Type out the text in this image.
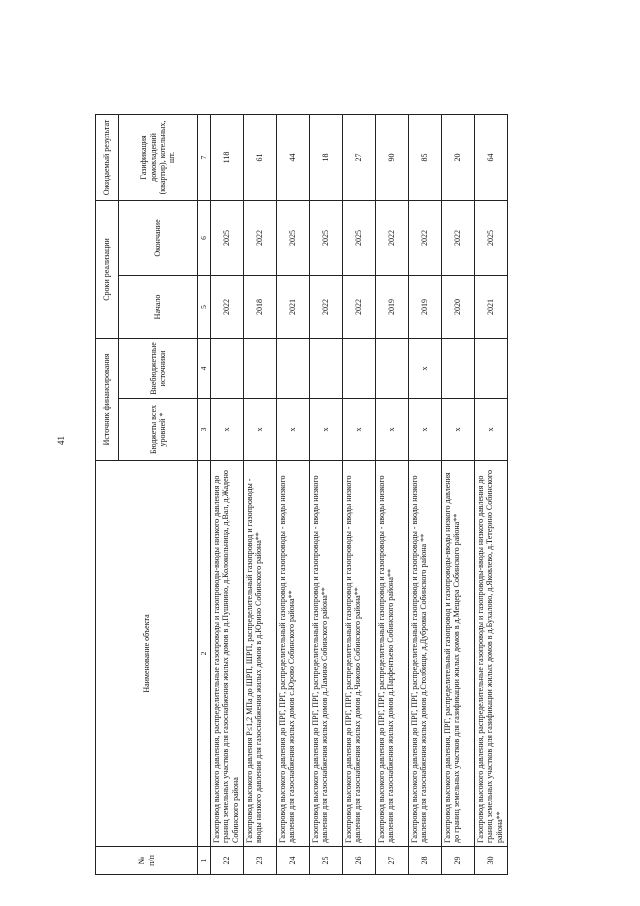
41
№
п/п	Наименование объекта	Источник финансирования		Сроки реализации		Ожидаемый результат
		Бюджеты всех уровней *	Внебюджетные источники	Начало	Окончание	Газификация домовладений (квартир), котельных, шт.
1	2	3	4	5	6	7
22	Газопровод высокого давления, распределительные газопроводы и газопроводы-вводы низкого давления до границ земельных участков для газоснабжения жилых домов в д.Пушнино, д.Колокольница, д.Вал, д.Жадено Собинского района	х		2022	2025	118
23	Газопровод высокого давления Р≤1,2 МПа до ШРП, ШРП, распределительный газопровод и газопроводы - вводы низкого давления для газоснабжения жилых домов в д.Юрино Собинского района**	х		2018	2022	61
24	Газопровод высокого давления до ПРГ, ПРГ, распределительный газопровод и газопроводы - вводы низкого давления для газоснабжения жилых домов с.Юрово Собинского района**	х		2021	2025	44
25	Газопровод высокого давления до ПРГ, ПРГ, распределительный газопровод и газопроводы - вводы низкого давления для газоснабжения жилых домов д.Ламино Собинского района**	х		2022	2025	18
26	Газопровод высокого давления до ПРГ, ПРГ, распределительный газопровод и газопроводы - вводы низкого давления для газоснабжения жилых домов д.Чижово Собинского района**	х		2022	2025	27
27	Газопровод высокого давления до ПРГ, ПРГ, распределительный газопровод и газопроводы - вводы низкого давления для газоснабжения жилых домов д.Парфентьево Собинского района**	х		2019	2022	90
28	Газопровод высокого давления до ПРГ, ПРГ, распределительный газопровод и газопроводы - вводы низкого давления для газоснабжения жилых домов д.Столбищи, д.Дубровка Собинского района **	х	х	2019	2022	85
29	Газопровод высокого давления, ПРГ, распределительный газопровод и газопроводы-вводы низкого давления до границ земельных участков для газификации жилых домов в д.Мещера Собинского района**	х		2020	2022	20
30	Газопровод высокого давления, распределительные газопроводы и газопроводы-вводы низкого давления до границ земельных участков для газификации жилых домов в д.Бухалово, д.Яковлево, д.Тетерино Собинского района**	х		2021	2025	64
